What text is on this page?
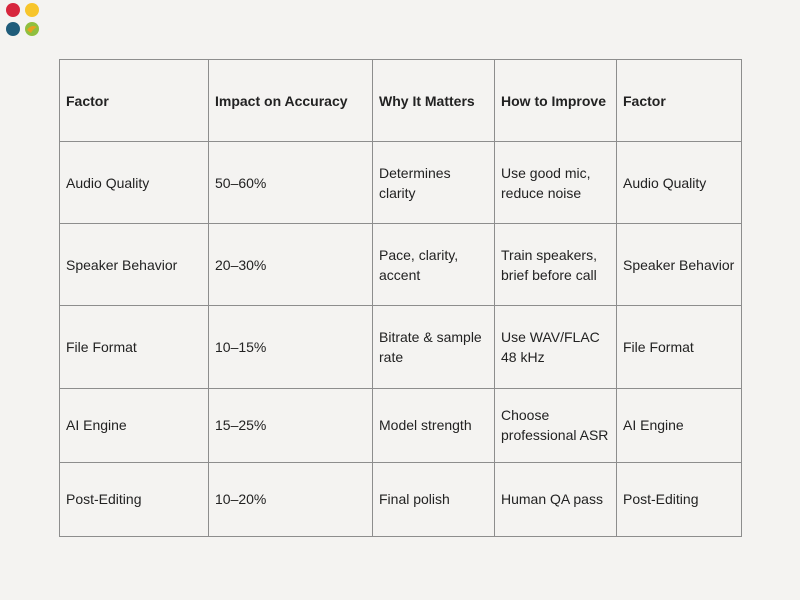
Factor	Impact on Accuracy	Why It Matters	How to Improve	Factor
Audio Quality	50–60%	Determines clarity	Use good mic, reduce noise	Audio Quality
Speaker Behavior	20–30%	Pace, clarity, accent	Train speakers, brief before call	Speaker Behavior
File Format	10–15%	Bitrate & sample rate	Use WAV/FLAC 48 kHz	File Format
AI Engine	15–25%	Model strength	Choose professional ASR	AI Engine
Post-Editing	10–20%	Final polish	Human QA pass	Post-Editing
